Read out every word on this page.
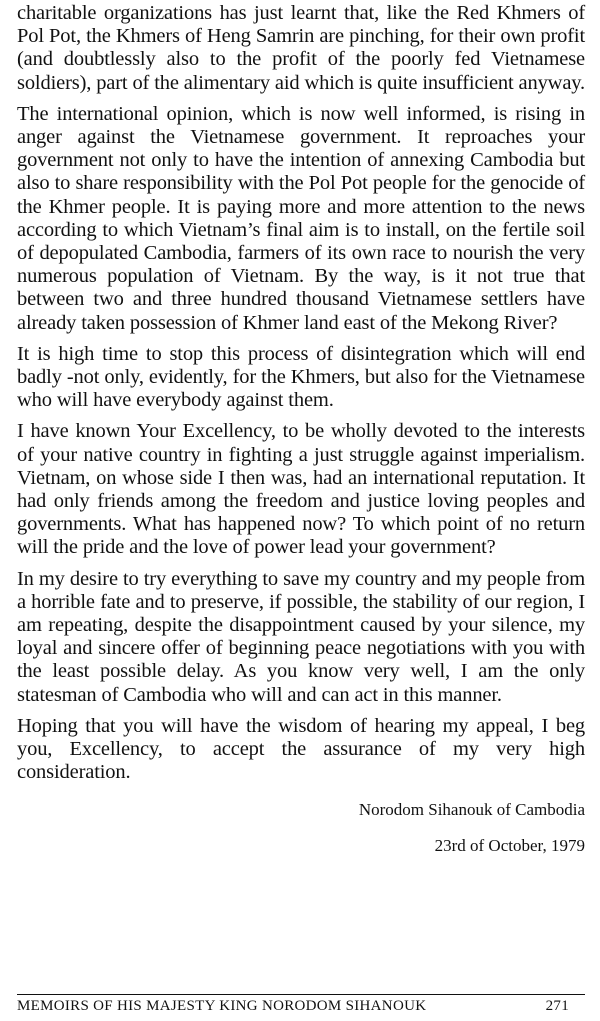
charitable organizations has just learnt that, like the Red Khmers of Pol Pot, the Khmers of Heng Samrin are pinching, for their own profit (and doubtlessly also to the profit of the poorly fed Vietnamese soldiers), part of the alimentary aid which is quite insufficient anyway.

The international opinion, which is now well informed, is rising in anger against the Vietnamese government. It reproaches your government not only to have the intention of annexing Cambodia but also to share responsibility with the Pol Pot people for the genocide of the Khmer people. It is paying more and more attention to the news according to which Vietnam’s final aim is to install, on the fertile soil of depopulated Cambodia, farmers of its own race to nourish the very numerous population of Vietnam. By the way, is it not true that between two and three hundred thousand Vietnamese settlers have already taken possession of Khmer land east of the Mekong River?

It is high time to stop this process of disintegration which will end badly -not only, evidently, for the Khmers, but also for the Vietnamese who will have everybody against them.

I have known Your Excellency, to be wholly devoted to the interests of your native country in fighting a just struggle against imperialism. Vietnam, on whose side I then was, had an international reputation. It had only friends among the freedom and justice loving peoples and governments. What has happened now? To which point of no return will the pride and the love of power lead your government?

In my desire to try everything to save my country and my people from a horrible fate and to preserve, if possible, the stability of our region, I am repeating, despite the disappointment caused by your silence, my loyal and sincere offer of beginning peace negotiations with you with the least possible delay. As you know very well, I am the only statesman of Cambodia who will and can act in this manner.

Hoping that you will have the wisdom of hearing my appeal, I beg you, Excellency, to accept the assurance of my very high consideration.

Norodom Sihanouk of Cambodia

23rd of October, 1979

MEMOIRS OF HIS MAJESTY KING NORODOM SIHANOUK	271
